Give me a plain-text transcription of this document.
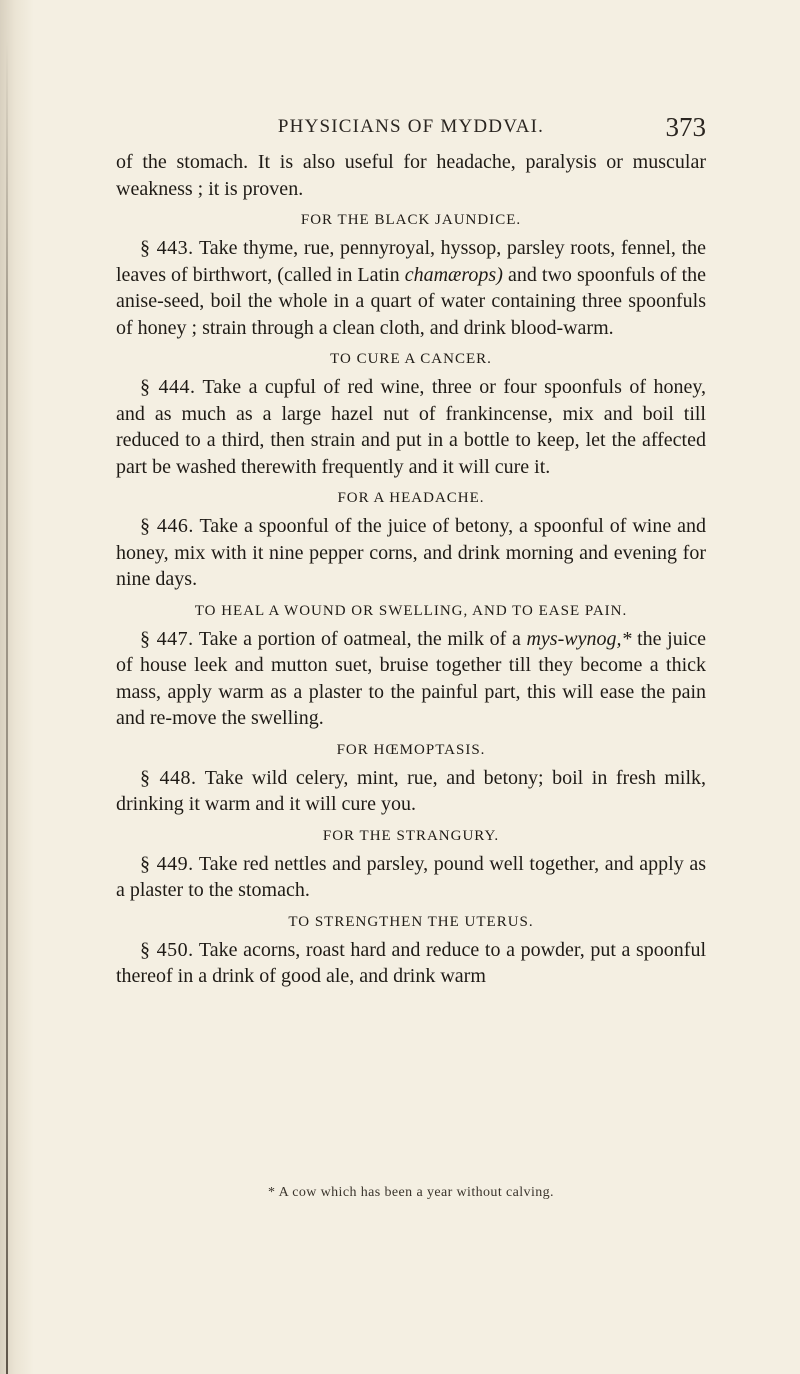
PHYSICIANS OF MYDDVAI.	373

of the stomach. It is also useful for headache, paralysis or muscular weakness ; it is proven.

FOR THE BLACK JAUNDICE.

§ 443. Take thyme, rue, pennyroyal, hyssop, parsley roots, fennel, the leaves of birthwort, (called in Latin chamærops) and two spoonfuls of the anise-seed, boil the whole in a quart of water containing three spoonfuls of honey ; strain through a clean cloth, and drink blood-warm.

TO CURE A CANCER.

§ 444. Take a cupful of red wine, three or four spoonfuls of honey, and as much as a large hazel nut of frankincense, mix and boil till reduced to a third, then strain and put in a bottle to keep, let the affected part be washed therewith frequently and it will cure it.

FOR A HEADACHE.

§ 446. Take a spoonful of the juice of betony, a spoonful of wine and honey, mix with it nine pepper corns, and drink morning and evening for nine days.

TO HEAL A WOUND OR SWELLING, AND TO EASE PAIN.

§ 447. Take a portion of oatmeal, the milk of a mys-wynog,* the juice of house leek and mutton suet, bruise together till they become a thick mass, apply warm as a plaster to the painful part, this will ease the pain and re-move the swelling.

FOR HŒMOPTASIS.

§ 448. Take wild celery, mint, rue, and betony; boil in fresh milk, drinking it warm and it will cure you.

FOR THE STRANGURY.

§ 449. Take red nettles and parsley, pound well together, and apply as a plaster to the stomach.

TO STRENGTHEN THE UTERUS.

§ 450. Take acorns, roast hard and reduce to a powder, put a spoonful thereof in a drink of good ale, and drink warm

* A cow which has been a year without calving.
